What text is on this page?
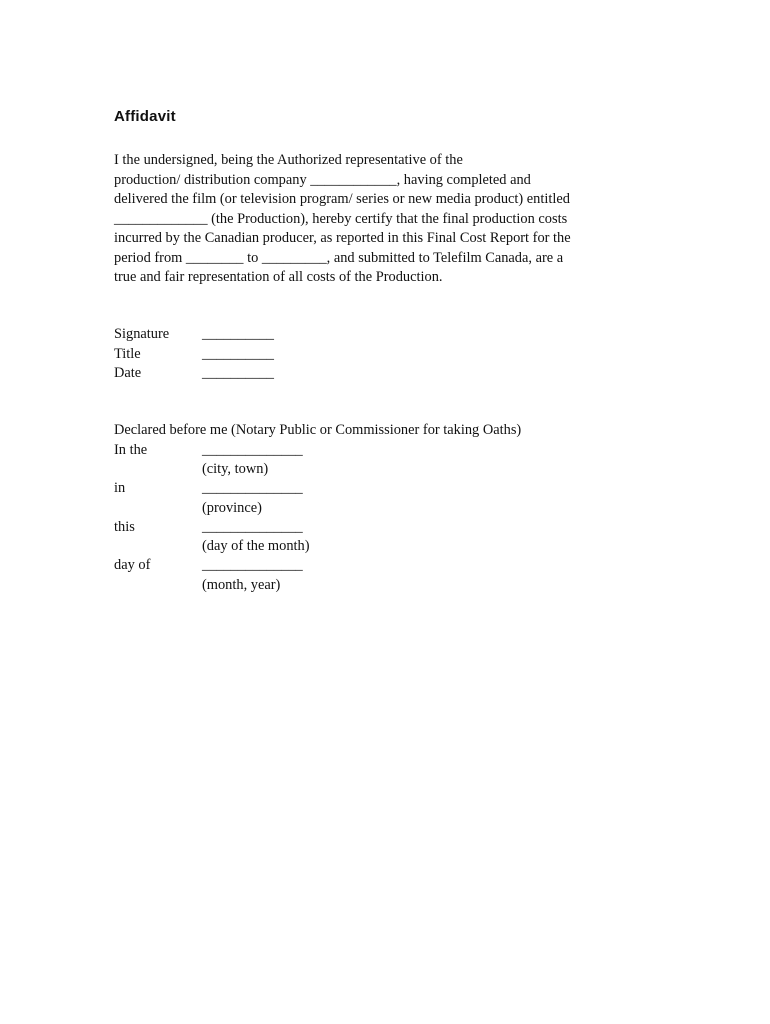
Affidavit
I the undersigned, being the Authorized representative of the
production/ distribution company ____________, having completed and
delivered the film (or television program/ series or new media product) entitled
_____________ (the Production), hereby certify that the final production costs
incurred by the Canadian producer, as reported in this Final Cost Report for the
period from ________ to _________, and submitted to Telefilm Canada, are a
true and fair representation of all costs of the Production.
Signature __________
Title	__________
Date	__________
Declared before me (Notary Public or Commissioner for taking Oaths)
In the	______________
(city, town)
in	______________
(province)
this	______________
(day of the month)
day of	______________
(month, year)
